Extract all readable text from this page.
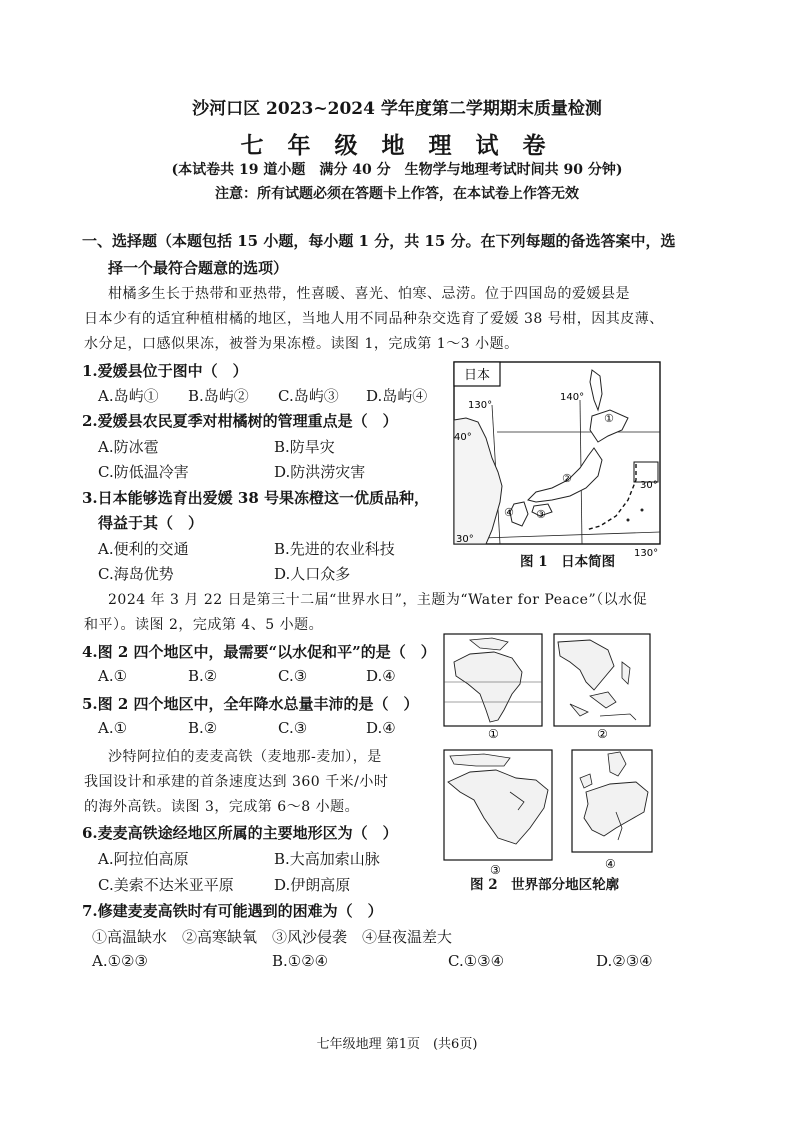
沙河口区 2023~2024 学年度第二学期期末质量检测
七 年 级 地 理 试 卷
(本试卷共 19 道小题　满分 40 分　生物学与地理考试时间共 90 分钟)
注意：所有试题必须在答题卡上作答，在本试卷上作答无效
一、选择题（本题包括 15 小题，每小题 1 分，共 15 分。在下列每题的备选答案中，选
择一个最符合题意的选项）
柑橘多生长于热带和亚热带，性喜暖、喜光、怕寒、忌涝。位于四国岛的爱媛县是
日本少有的适宜种植柑橘的地区，当地人用不同品种杂交选育了爱媛 38 号柑，因其皮薄、
水分足，口感似果冻，被誉为果冻橙。读图 1，完成第 1～3 小题。
1.爱媛县位于图中（　）
A.岛屿① B.岛屿② C.岛屿③ D.岛屿④
2.爱媛县农民夏季对柑橘树的管理重点是（　）
A.防冰雹	B.防旱灾
C.防低温冷害	D.防洪涝灾害
3.日本能够选育出爱媛 38 号果冻橙这一优质品种，
得益于其（　）
A.便利的交通	B.先进的农业科技
C.海岛优势	D.人口众多
日本
130°
140°
40°
30°
30°
130°
①
②
③
④
图 1　日本简图
2024 年 3 月 22 日是第三十二届“世界水日”，主题为“Water for Peace”（以水促
和平）。读图 2，完成第 4、5 小题。
4.图 2 四个地区中，最需要“以水促和平”的是（　）
A.①	B.②	C.③	D.④
5.图 2 四个地区中，全年降水总量丰沛的是（　）
A.①	B.②	C.③	D.④
沙特阿拉伯的麦麦高铁（麦地那-麦加），是
我国设计和承建的首条速度达到 360 千米/小时
的海外高铁。读图 3，完成第 6～8 小题。
①	②
③	④
图 2　世界部分地区轮廓
6.麦麦高铁途经地区所属的主要地形区为（　）
A.阿拉伯高原	B.大高加索山脉
C.美索不达米亚平原	D.伊朗高原
7.修建麦麦高铁时有可能遇到的困难为（　）
①高温缺水　②高寒缺氧　③风沙侵袭　④昼夜温差大
A.①②③	B.①②④	C.①③④	D.②③④
七年级地理 第1页　(共6页)
